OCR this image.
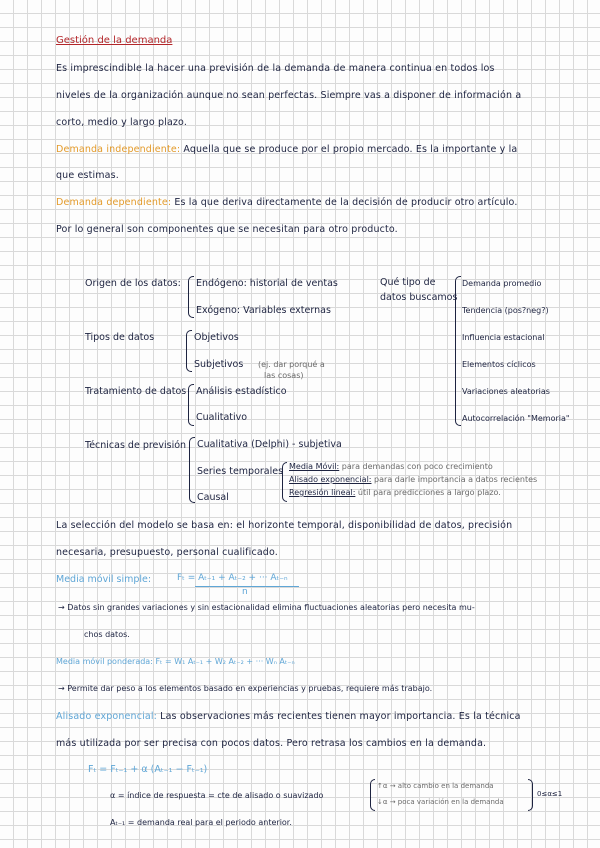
Gestión de la demanda
Es imprescindible la hacer una previsión de la demanda de manera continua en todos los
niveles de la organización aunque no sean perfectas. Siempre vas a disponer de información a
corto, medio y largo plazo.
Demanda independiente: Aquella que se produce por el propio mercado. Es la importante y la
que estimas.
Demanda dependiente: Es la que deriva directamente de la decisión de producir otro artículo.
Por lo general son componentes que se necesitan para otro producto.
Origen de los datos: Endógeno: historial de ventas
Exógeno: Variables externas
Tipos de datos	Objetivos
Subjetivos (ej. dar porqué a
las cosas)
Tratamiento de datos Análisis estadístico
Cualitativo
Técnicas de previsión Cualitativa (Delphi) - subjetiva
Series temporales
Causal
Media Móvil: para demandas con poco crecimiento
Alisado exponencial: para darle importancia a datos recientes
Regresión lineal: útil para predicciones a largo plazo.
Qué tipo de
datos buscamos
Demanda promedio
Tendencia (pos?neg?)
Influencia estacional
Elementos cíclicos
Variaciones aleatorias
Autocorrelación "Memoria"
La selección del modelo se basa en: el horizonte temporal, disponibilidad de datos, precisión
necesaria, presupuesto, personal cualificado.
Media móvil simple:	Fₜ = Aₜ₋₁ + Aₜ₋₂ + ··· Aₜ₋ₙ
n
→ Datos sin grandes variaciones y sin estacionalidad elimina fluctuaciones aleatorias pero necesita mu-
chos datos.
Media móvil ponderada: Fₜ = W₁ Aₜ₋₁ + W₂ Aₜ₋₂ + ··· Wₙ Aₜ₋ₙ
→ Permite dar peso a los elementos basado en experiencias y pruebas, requiere más trabajo.
Alisado exponencial: Las observaciones más recientes tienen mayor importancia. Es la técnica
más utilizada por ser precisa con pocos datos. Pero retrasa los cambios en la demanda.
Fₜ = Fₜ₋₁ + α (Aₜ₋₁ − Fₜ₋₁)
α = índice de respuesta = cte de alisado o suavizado
↑α → alto cambio en la demanda
↓α → poca variación en la demanda
0≤α≤1
Aₜ₋₁ = demanda real para el periodo anterior.
